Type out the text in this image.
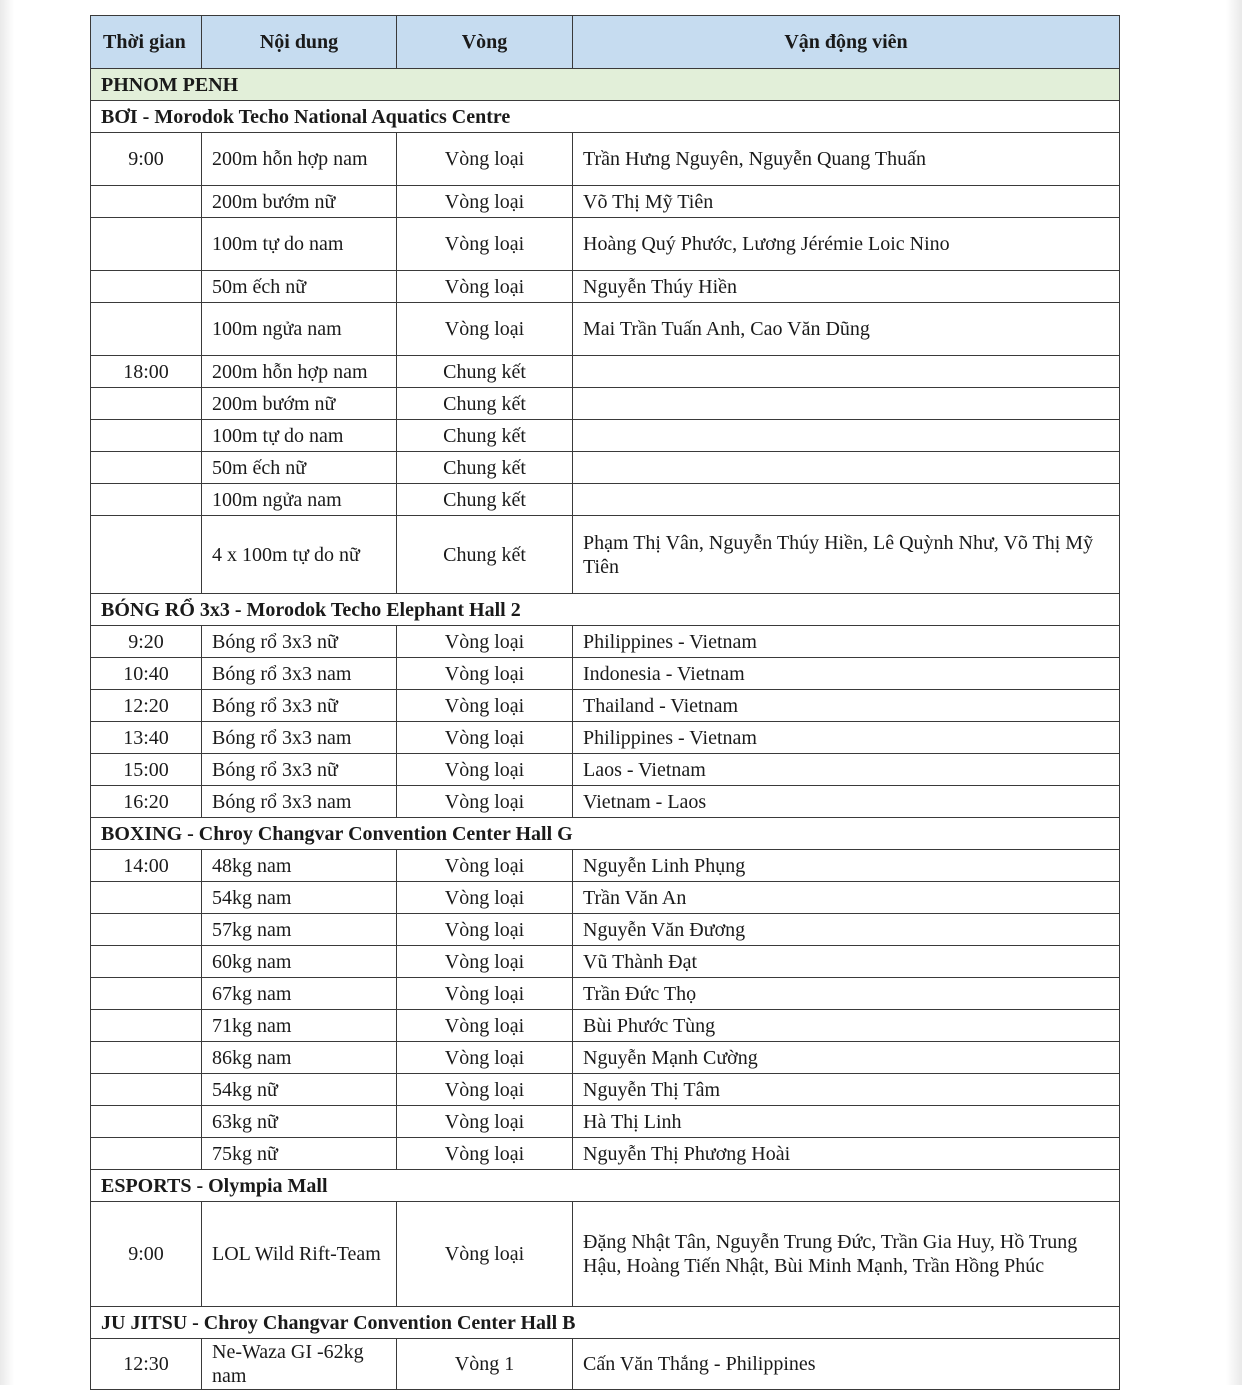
Thời gian	Nội dung	Vòng	Vận động viên
PHNOM PENH			
BƠI - Morodok Techo National Aquatics Centre			
9:00	200m hỗn hợp nam	Vòng loại	Trần Hưng Nguyên, Nguyễn Quang Thuấn
	200m bướm nữ	Vòng loại	Võ Thị Mỹ Tiên
	100m tự do nam	Vòng loại	Hoàng Quý Phước, Lương Jérémie Loic Nino
	50m ếch nữ	Vòng loại	Nguyễn Thúy Hiền
	100m ngửa nam	Vòng loại	Mai Trần Tuấn Anh, Cao Văn Dũng
18:00	200m hỗn hợp nam	Chung kết	
	200m bướm nữ	Chung kết	
	100m tự do nam	Chung kết	
	50m ếch nữ	Chung kết	
	100m ngửa nam	Chung kết	
	4 x 100m tự do nữ	Chung kết	Phạm Thị Vân, Nguyễn Thúy Hiền, Lê Quỳnh Như, Võ Thị Mỹ Tiên
BÓNG RỔ 3x3 - Morodok Techo Elephant Hall 2			
9:20	Bóng rổ 3x3 nữ	Vòng loại	Philippines - Vietnam
10:40	Bóng rổ 3x3 nam	Vòng loại	Indonesia - Vietnam
12:20	Bóng rổ 3x3 nữ	Vòng loại	Thailand - Vietnam
13:40	Bóng rổ 3x3 nam	Vòng loại	Philippines - Vietnam
15:00	Bóng rổ 3x3 nữ	Vòng loại	Laos - Vietnam
16:20	Bóng rổ 3x3 nam	Vòng loại	Vietnam - Laos
BOXING - Chroy Changvar Convention Center Hall G			
14:00	48kg nam	Vòng loại	Nguyễn Linh Phụng
	54kg nam	Vòng loại	Trần Văn An
	57kg nam	Vòng loại	Nguyễn Văn Đương
	60kg nam	Vòng loại	Vũ Thành Đạt
	67kg nam	Vòng loại	Trần Đức Thọ
	71kg nam	Vòng loại	Bùi Phước Tùng
	86kg nam	Vòng loại	Nguyễn Mạnh Cường
	54kg nữ	Vòng loại	Nguyễn Thị Tâm
	63kg nữ	Vòng loại	Hà Thị Linh
	75kg nữ	Vòng loại	Nguyễn Thị Phương Hoài
ESPORTS - Olympia Mall			
9:00	LOL Wild Rift-Team	Vòng loại	Đặng Nhật Tân, Nguyễn Trung Đức, Trần Gia Huy, Hồ Trung Hậu, Hoàng Tiến Nhật, Bùi Minh Mạnh, Trần Hồng Phúc
JU JITSU - Chroy Changvar Convention Center Hall B			
12:30	Ne-Waza GI -62kg nam	Vòng 1	Cấn Văn Thắng - Philippines
